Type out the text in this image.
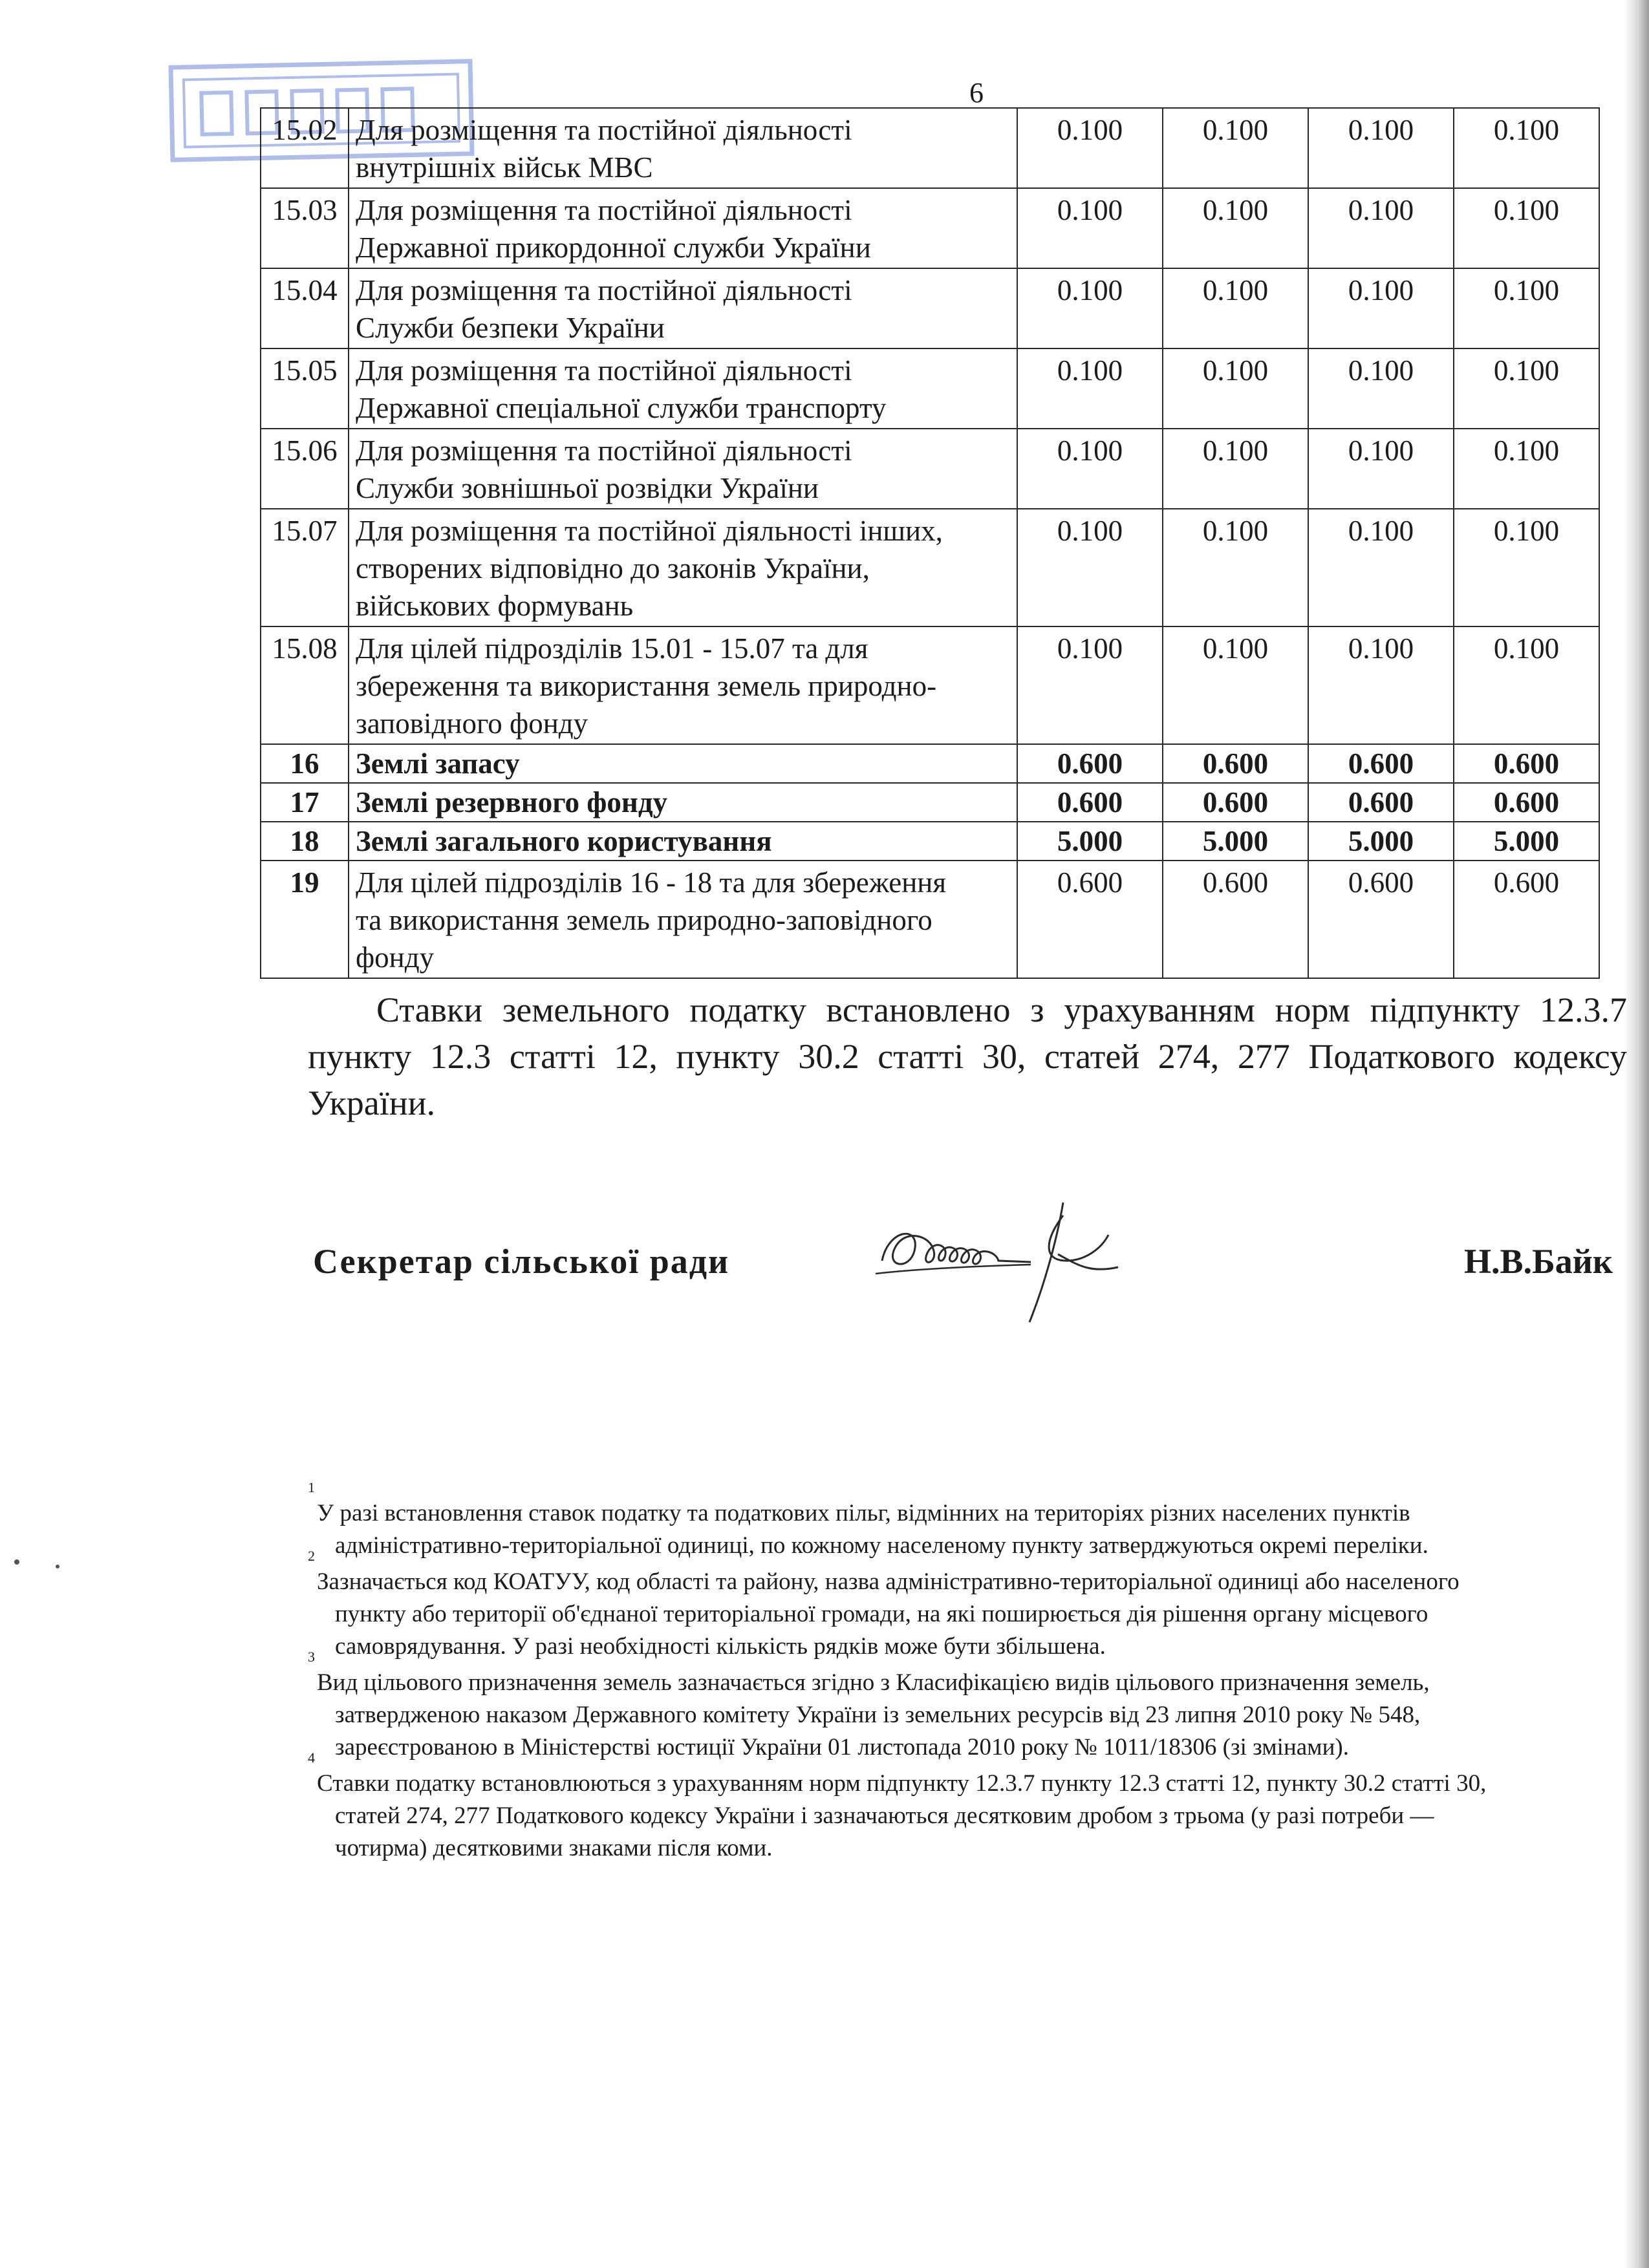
6
15.02	Для розміщення та постійної діяльності
внутрішніх військ МВС	0.100	0.100	0.100	0.100
15.03	Для розміщення та постійної діяльності
Державної прикордонної служби України	0.100	0.100	0.100	0.100
15.04	Для розміщення та постійної діяльності
Служби безпеки України	0.100	0.100	0.100	0.100
15.05	Для розміщення та постійної діяльності
Державної спеціальної служби транспорту	0.100	0.100	0.100	0.100
15.06	Для розміщення та постійної діяльності
Служби зовнішньої розвідки України	0.100	0.100	0.100	0.100
15.07	Для розміщення та постійної діяльності інших,
створених відповідно до законів України,
військових формувань	0.100	0.100	0.100	0.100
15.08	Для цілей підрозділів 15.01 - 15.07 та для
збереження та використання земель природно-
заповідного фонду	0.100	0.100	0.100	0.100
16	Землі запасу	0.600	0.600	0.600	0.600
17	Землі резервного фонду	0.600	0.600	0.600	0.600
18	Землі загального користування	5.000	5.000	5.000	5.000
19	Для цілей підрозділів 16 - 18 та для збереження
та використання земель природно-заповідного
фонду	0.600	0.600	0.600	0.600

Ставки земельного податку встановлено з урахуванням норм підпункту 12.3.7 пункту 12.3 статті 12, пункту 30.2 статті 30, статей 274, 277 Податкового кодексу України.

Секретар сільської ради	Н.В.Байк
1
У разі встановлення ставок податку та податкових пільг, відмінних на територіях різних населених пунктів
адміністративно-територіальної одиниці, по кожному населеному пункту затверджуються окремі переліки.
2
Зазначається код КОАТУУ, код області та району, назва адміністративно-територіальної одиниці або населеного
пункту або території об'єднаної територіальної громади, на які поширюється дія рішення органу місцевого
самоврядування. У разі необхідності кількість рядків може бути збільшена.
3
Вид цільового призначення земель зазначається згідно з Класифікацією видів цільового призначення земель,
затвердженою наказом Державного комітету України із земельних ресурсів від 23 липня 2010 року № 548,
зареєстрованою в Міністерстві юстиції України 01 листопада 2010 року № 1011/18306 (зі змінами).
4
Ставки податку встановлюються з урахуванням норм підпункту 12.3.7 пункту 12.3 статті 12, пункту 30.2 статті 30,
статей 274, 277 Податкового кодексу України і зазначаються десятковим дробом з трьома (у разі потреби —
чотирма) десятковими знаками після коми.
